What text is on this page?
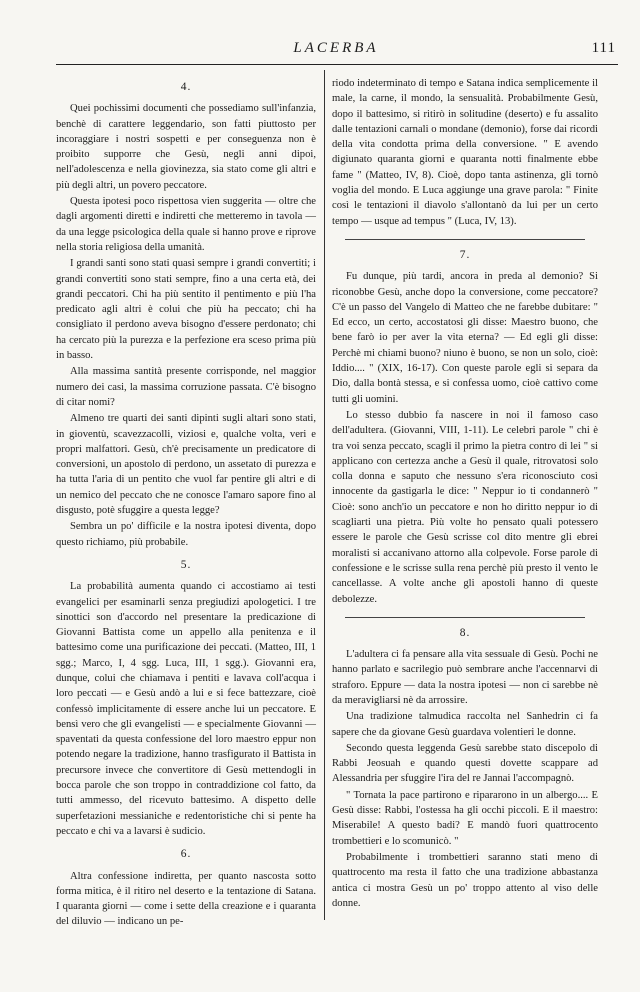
LACERBA	111
4.

Quei pochissimi documenti che possediamo sull'infanzia, benchè di carattere leggendario, son fatti piuttosto per incoraggiare i nostri sospetti e per conseguenza non è proibito supporre che Gesù, negli anni dipoi, nell'adolescenza e nella giovinezza, sia stato come gli altri e più degli altri, un povero peccatore.

Questa ipotesi poco rispettosa vien suggerita — oltre che dagli argomenti diretti e indiretti che metteremo in tavola — da una legge psicologica della quale si hanno prove e riprove nella storia religiosa della umanità.

I grandi santi sono stati quasi sempre i grandi convertiti; i grandi convertiti sono stati sempre, fino a una certa età, dei grandi peccatori. Chi ha più sentito il pentimento e più l'ha predicato agli altri è colui che più ha peccato; chi ha consigliato il perdono aveva bisogno d'essere perdonato; chi ha cercato più la purezza e la perfezione era sceso prima più in basso.

Alla massima santità presente corrisponde, nel maggior numero dei casi, la massima corruzione passata. C'è bisogno di citar nomi?

Almeno tre quarti dei santi dipinti sugli altari sono stati, in gioventù, scavezzacolli, viziosi e, qualche volta, veri e propri malfattori. Gesù, ch'è precisamente un predicatore di conversioni, un apostolo di perdono, un assetato di purezza e ha tutta l'aria di un pentito che vuol far pentire gli altri e di un nemico del peccato che ne conosce l'amaro sapore fino al disgusto, potè sfuggire a questa legge?

Sembra un po' difficile e la nostra ipotesi diventa, dopo questo richiamo, più probabile.

5.

La probabilità aumenta quando ci accostiamo ai testi evangelici per esaminarli senza pregiudizi apologetici. I tre sinottici son d'accordo nel presentare la predicazione di Giovanni Battista come un appello alla penitenza e il battesimo come una purificazione dei peccati. (Matteo, III, 1 sgg.; Marco, I, 4 sgg. Luca, III, 1 sgg.). Giovanni era, dunque, colui che chiamava i pentiti e lavava coll'acqua i loro peccati — e Gesù andò a lui e si fece battezzare, cioè confessò implicitamente di essere anche lui un peccatore. E bensì vero che gli evangelisti — e specialmente Giovanni — spaventati da questa confessione del loro maestro eppur non potendo negare la tradizione, hanno trasfigurato il Battista in precursore invece che convertitore di Gesù mettendogli in bocca parole che son troppo in contraddizione col fatto, da tutti ammesso, del ricevuto battesimo. A dispetto delle superfetazioni messianiche e redentoristiche chi si pente ha peccato e chi va a lavarsi è sudicio.

6.

Altra confessione indiretta, per quanto nascosta sotto forma mitica, è il ritiro nel deserto e la tentazione di Satana. I quaranta giorni — come i sette della creazione e i quaranta del diluvio — indicano un pe-

riodo indeterminato di tempo e Satana indica semplicemente il male, la carne, il mondo, la sensualità. Probabilmente Gesù, dopo il battesimo, si ritirò in solitudine (deserto) e fu assalito dalle tentazioni carnali o mondane (demonio), forse dai ricordi della vita condotta prima della conversione. " E avendo digiunato quaranta giorni e quaranta notti finalmente ebbe fame " (Matteo, IV, 8). Cioè, dopo tanta astinenza, gli tornò voglia del mondo. E Luca aggiunge una grave parola: " Finite così le tentazioni il diavolo s'allontanò da lui per un certo tempo — usque ad tempus " (Luca, IV, 13).

7.

Fu dunque, più tardi, ancora in preda al demonio? Si riconobbe Gesù, anche dopo la conversione, come peccatore? C'è un passo del Vangelo di Matteo che ne farebbe dubitare: " Ed ecco, un certo, accostatosi gli disse: Maestro buono, che bene farò io per aver la vita eterna? — Ed egli gli disse: Perchè mi chiami buono? niuno è buono, se non un solo, cioè: Iddio.... " (XIX, 16-17). Con queste parole egli si separa da Dio, dalla bontà stessa, e si confessa uomo, cioè cattivo come tutti gli uomini.

Lo stesso dubbio fa nascere in noi il famoso caso dell'adultera. (Giovanni, VIII, 1-11). Le celebri parole " chi è tra voi senza peccato, scagli il primo la pietra contro di lei " si applicano con certezza anche a Gesù il quale, ritrovatosi solo colla donna e saputo che nessuno s'era riconosciuto così innocente da gastigarla le dice: " Neppur io ti condannerò " Cioè: sono anch'io un peccatore e non ho diritto neppur io di scagliarti una pietra. Più volte ho pensato quali potessero essere le parole che Gesù scrisse col dito mentre gli ebrei moralisti si accanivano attorno alla colpevole. Forse parole di confessione e le scrisse sulla rena perchè più presto il vento le cancellasse. A volte anche gli apostoli hanno di queste debolezze.

8.

L'adultera ci fa pensare alla vita sessuale di Gesù. Pochi ne hanno parlato e sacrilegio può sembrare anche l'accennarvi di straforo. Eppure — data la nostra ipotesi — non ci sarebbe nè da meravigliarsi nè da arrossire.

Una tradizione talmudica raccolta nel Sanhedrin ci fa sapere che da giovane Gesù guardava volentieri le donne.

Secondo questa leggenda Gesù sarebbe stato discepolo di Rabbi Jeosuah e quando questi dovette scappare ad Alessandria per sfuggire l'ira del re Jannai l'accompagnò.

" Tornata la pace partirono e ripararono in un albergo.... E Gesù disse: Rabbi, l'ostessa ha gli occhi piccoli. E il maestro: Miserabile! A questo badi? E mandò fuori quattrocento trombettieri e lo scomunicò. "

Probabilmente i trombettieri saranno stati meno di quattrocento ma resta il fatto che una tradizione abbastanza antica ci mostra Gesù un po' troppo attento al viso delle donne.
